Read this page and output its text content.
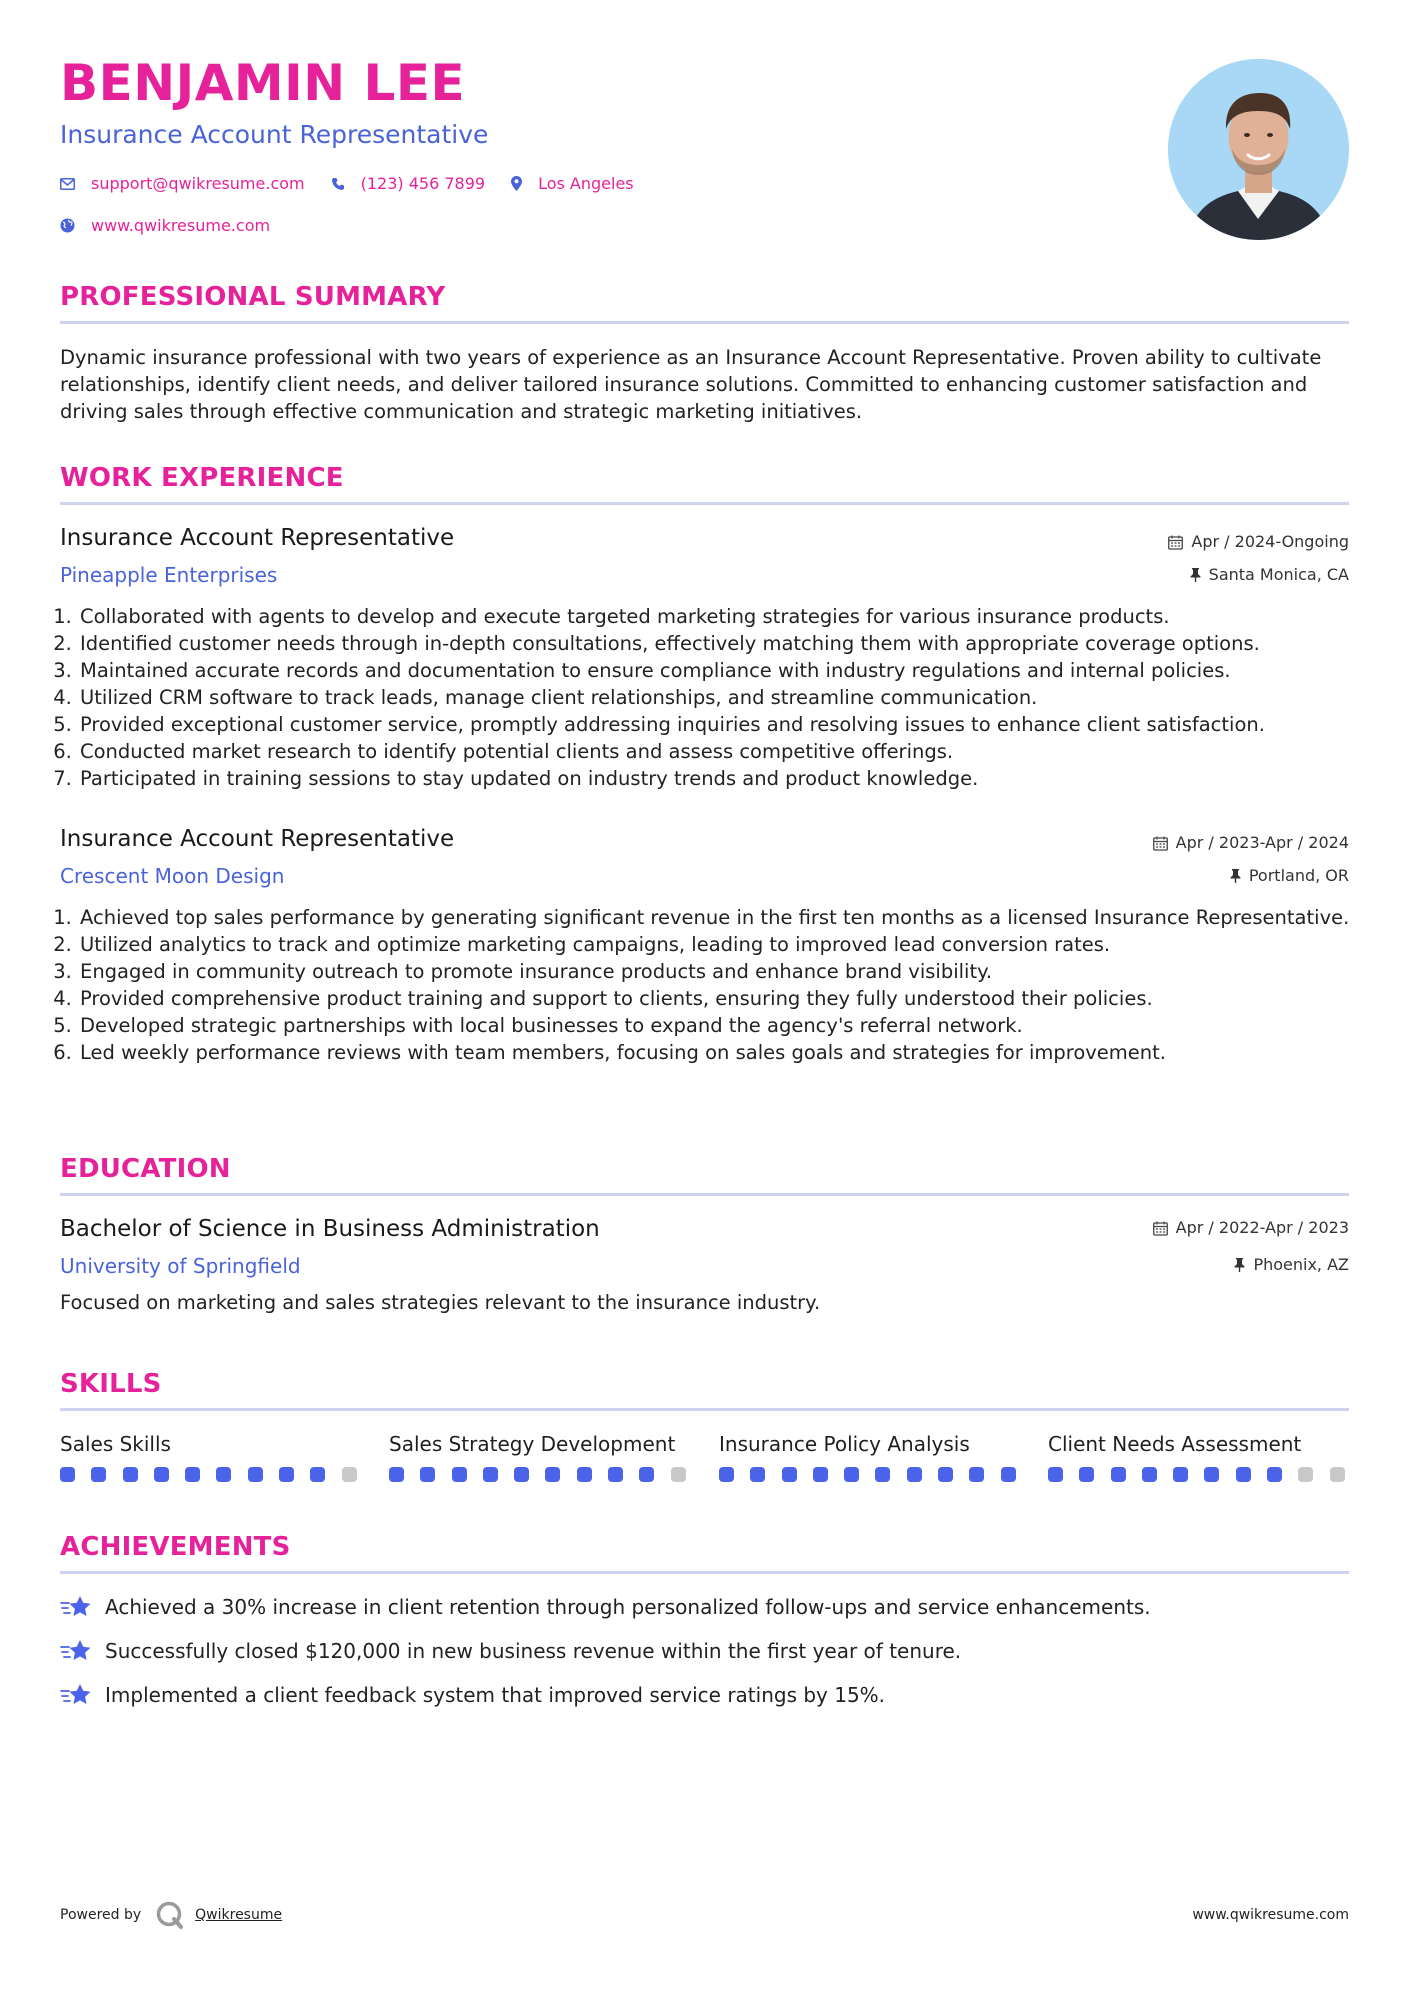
BENJAMIN LEE
Insurance Account Representative
support@qwikresume.com	(123) 456 7899	Los Angeles
www.qwikresume.com
PROFESSIONAL SUMMARY
Dynamic insurance professional with two years of experience as an Insurance Account Representative. Proven ability to cultivate relationships, identify client needs, and deliver tailored insurance solutions. Committed to enhancing customer satisfaction and driving sales through effective communication and strategic marketing initiatives.
WORK EXPERIENCE
Insurance Account Representative
Pineapple Enterprises
Apr / 2024-Ongoing
Santa Monica, CA
1. Collaborated with agents to develop and execute targeted marketing strategies for various insurance products.
2. Identified customer needs through in-depth consultations, effectively matching them with appropriate coverage options.
3. Maintained accurate records and documentation to ensure compliance with industry regulations and internal policies.
4. Utilized CRM software to track leads, manage client relationships, and streamline communication.
5. Provided exceptional customer service, promptly addressing inquiries and resolving issues to enhance client satisfaction.
6. Conducted market research to identify potential clients and assess competitive offerings.
7. Participated in training sessions to stay updated on industry trends and product knowledge.
Insurance Account Representative
Crescent Moon Design
Apr / 2023-Apr / 2024
Portland, OR
1. Achieved top sales performance by generating significant revenue in the first ten months as a licensed Insurance Representative.
2. Utilized analytics to track and optimize marketing campaigns, leading to improved lead conversion rates.
3. Engaged in community outreach to promote insurance products and enhance brand visibility.
4. Provided comprehensive product training and support to clients, ensuring they fully understood their policies.
5. Developed strategic partnerships with local businesses to expand the agency's referral network.
6. Led weekly performance reviews with team members, focusing on sales goals and strategies for improvement.
EDUCATION
Bachelor of Science in Business Administration
University of Springfield
Apr / 2022-Apr / 2023
Phoenix, AZ
Focused on marketing and sales strategies relevant to the insurance industry.
SKILLS
Sales Skills	Sales Strategy Development	Insurance Policy Analysis	Client Needs Assessment
ACHIEVEMENTS
Achieved a 30% increase in client retention through personalized follow-ups and service enhancements.
Successfully closed $120,000 in new business revenue within the first year of tenure.
Implemented a client feedback system that improved service ratings by 15%.
Powered by	Qwikresume	www.qwikresume.com
